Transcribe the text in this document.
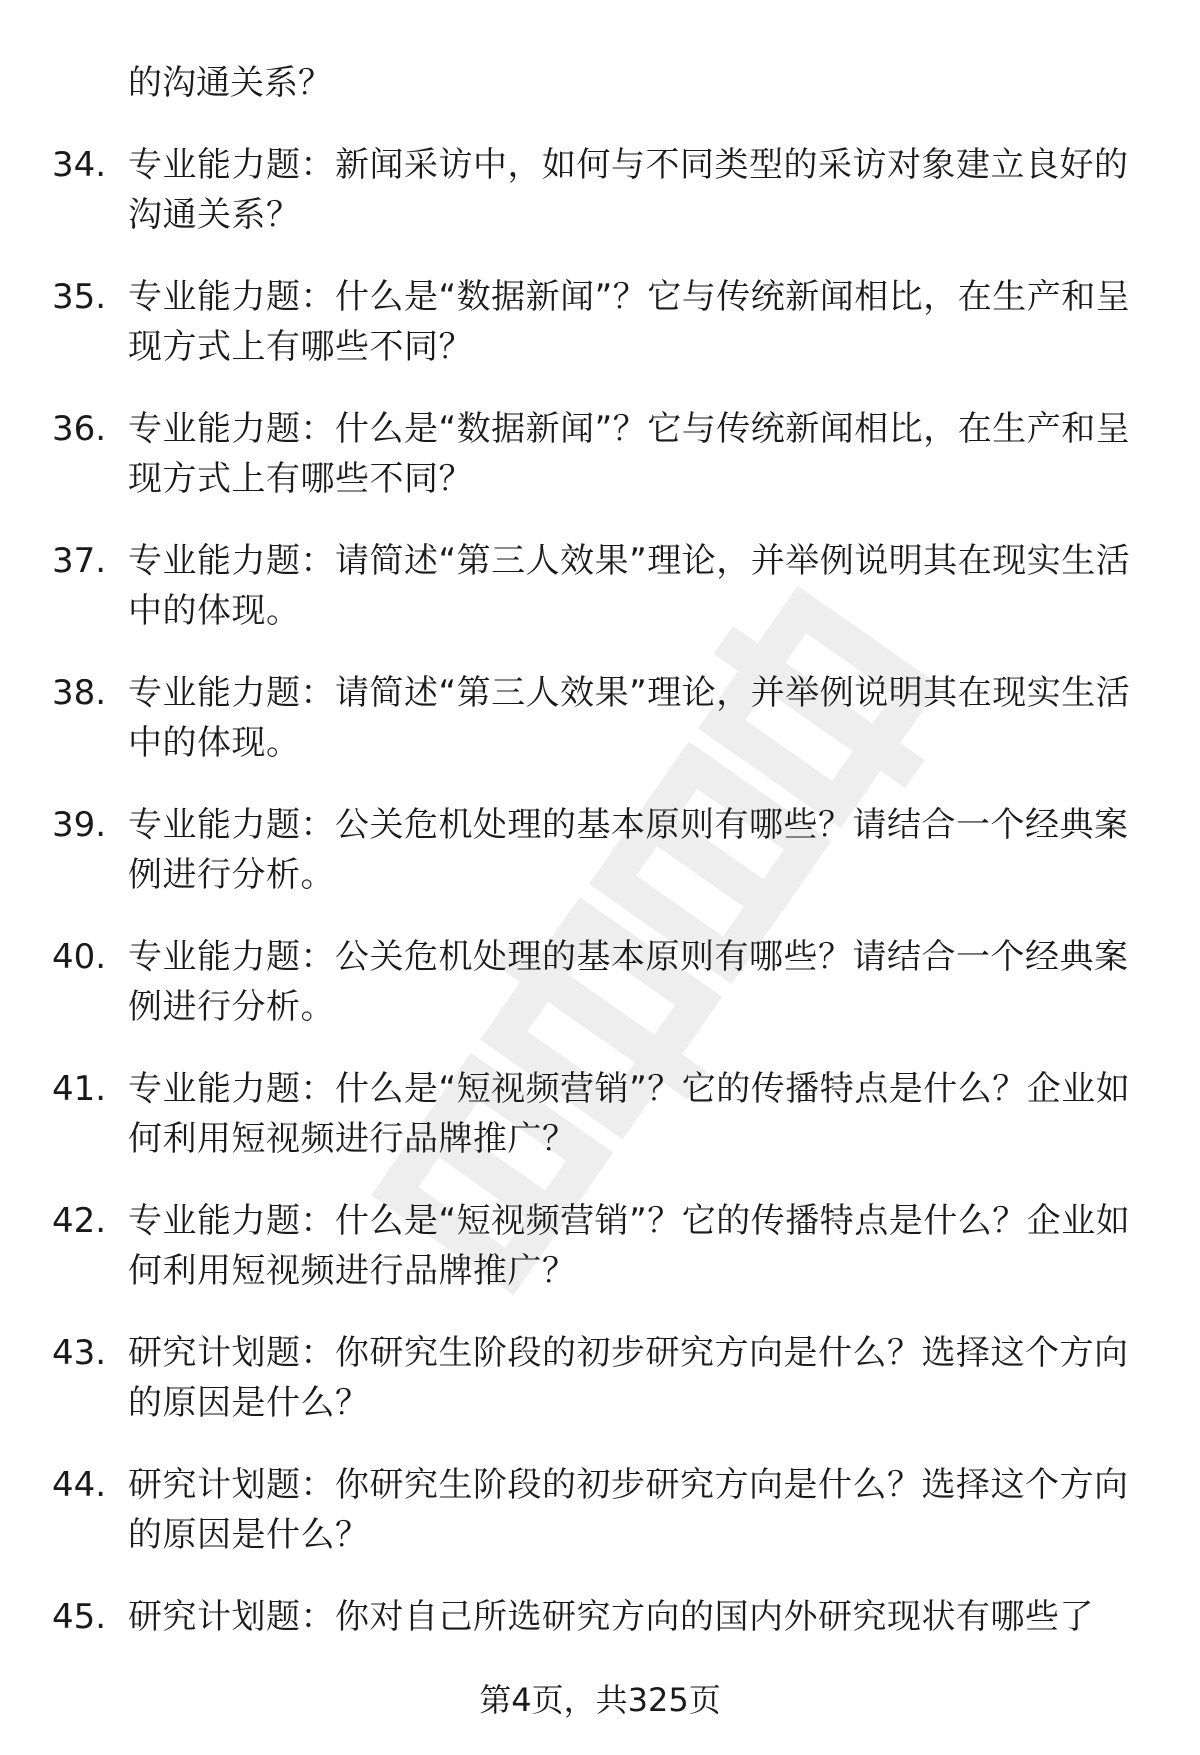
的沟通关系？
34. 专业能力题：新闻采访中，如何与不同类型的采访对象建立良好的沟通关系？
35. 专业能力题：什么是“数据新闻”？它与传统新闻相比，在生产和呈现方式上有哪些不同？
36. 专业能力题：什么是“数据新闻”？它与传统新闻相比，在生产和呈现方式上有哪些不同？
37. 专业能力题：请简述“第三人效果”理论，并举例说明其在现实生活中的体现。
38. 专业能力题：请简述“第三人效果”理论，并举例说明其在现实生活中的体现。
39. 专业能力题：公关危机处理的基本原则有哪些？请结合一个经典案例进行分析。
40. 专业能力题：公关危机处理的基本原则有哪些？请结合一个经典案例进行分析。
41. 专业能力题：什么是“短视频营销”？它的传播特点是什么？企业如何利用短视频进行品牌推广？
42. 专业能力题：什么是“短视频营销”？它的传播特点是什么？企业如何利用短视频进行品牌推广？
43. 研究计划题：你研究生阶段的初步研究方向是什么？选择这个方向的原因是什么？
44. 研究计划题：你研究生阶段的初步研究方向是什么？选择这个方向的原因是什么？
45. 研究计划题：你对自己所选研究方向的国内外研究现状有哪些了
第4页，共325页
